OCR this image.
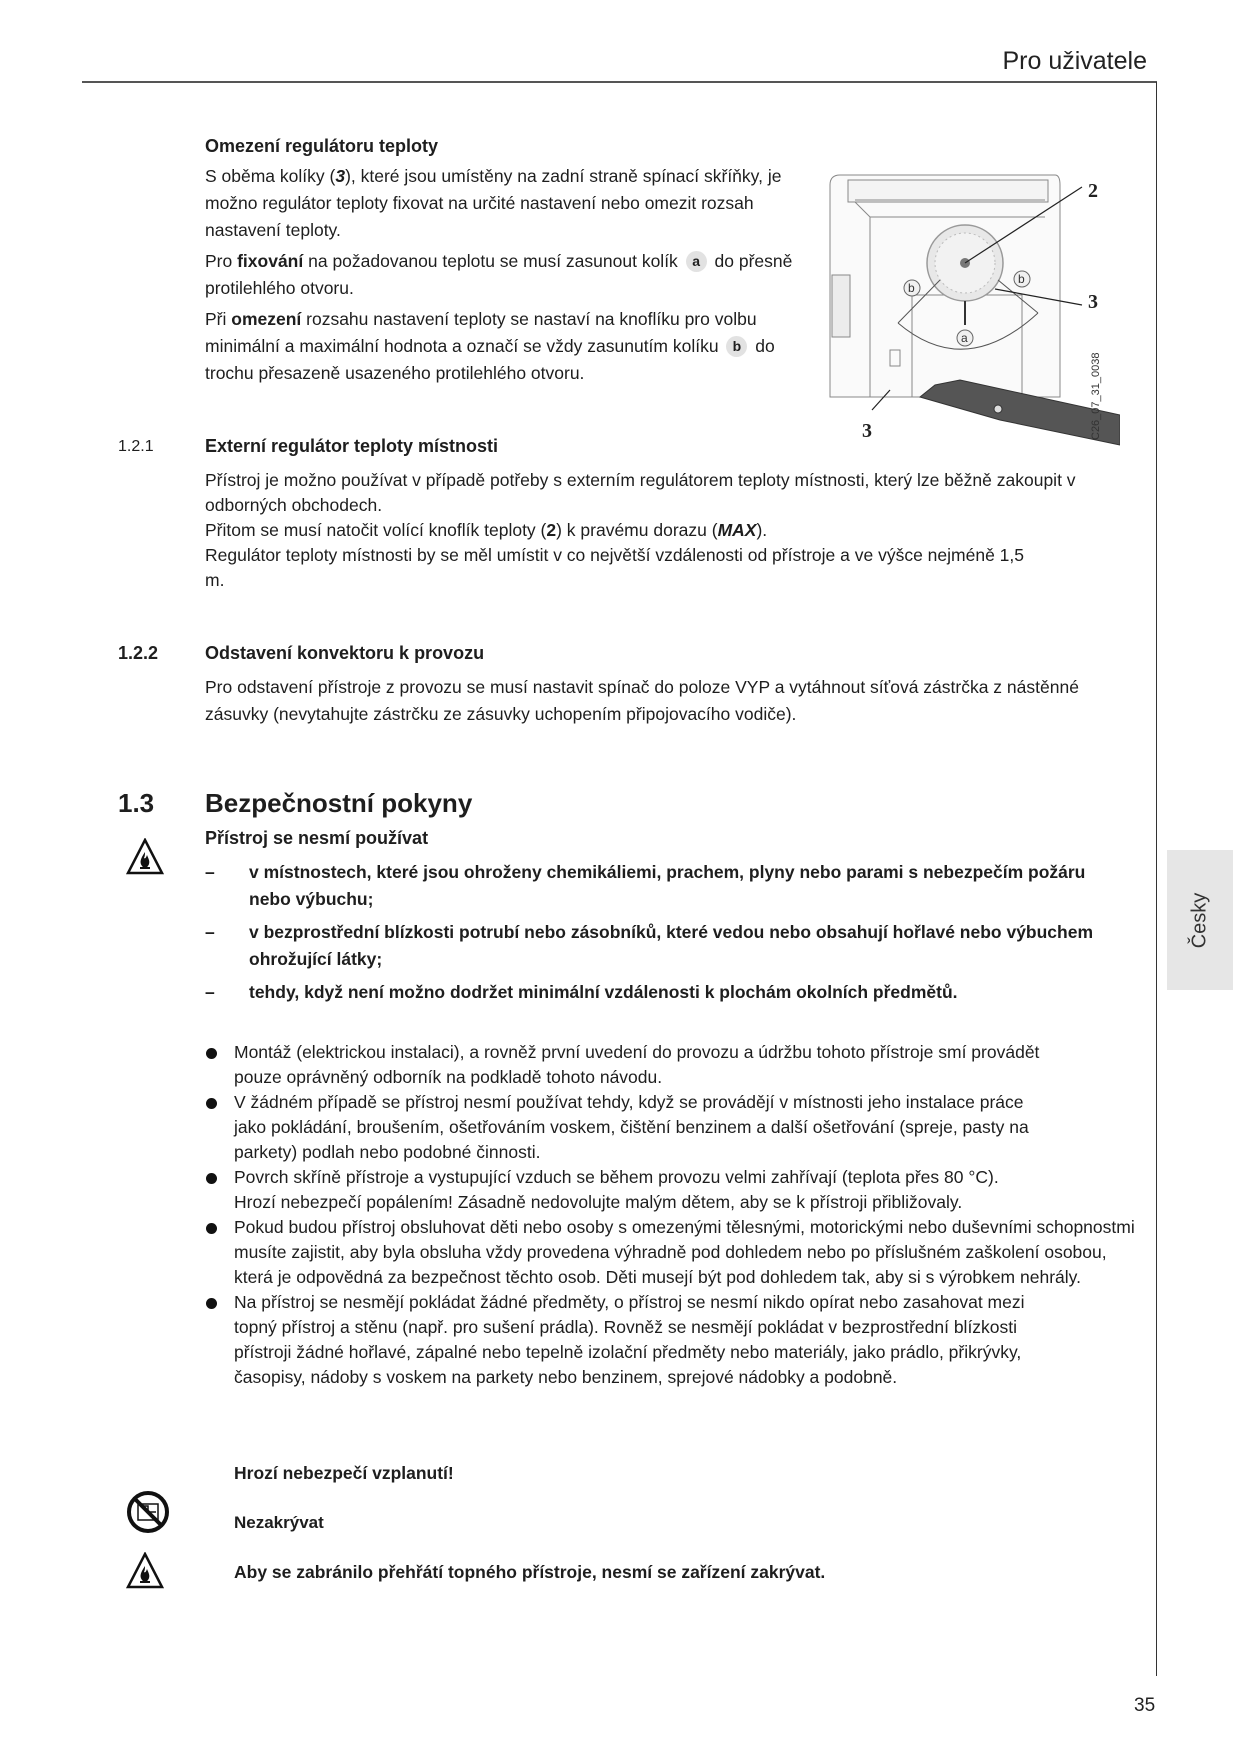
Pro uživatele
Omezení regulátoru teploty

S oběma kolíky (3), které jsou umístěny na zadní straně spínací skříňky, je možno regulátor teploty fixovat na určité nastavení nebo omezit rozsah nastavení teploty.

Pro fixování na požadovanou teplotu se musí zasunout kolík a do přesně protilehlého otvoru.

Při omezení rozsahu nastavení teploty se nastaví na knoflíku pro volbu minimální a maximální hodnota a označí se vždy zasunutím kolíku b do trochu přesazeně usazeného protilehlého otvoru.

b
b
a
2
3
3	C26_07_31_0038
1.2.1	Externí regulátor teploty místnosti

Přístroj je možno používat v případě potřeby s externím regulátorem teploty místnosti, který lze běžně zakoupit v odborných obchodech.

Přitom se musí natočit volící knoflík teploty (2) k pravému dorazu (MAX).

Regulátor teploty místnosti by se měl umístit v co největší vzdálenosti od přístroje a ve výšce nejméně 1,5 m.

1.2.2	Odstavení konvektoru k provozu

Pro odstavení přístroje z provozu se musí nastavit spínač do poloze VYP a vytáhnout síťová zástrčka z nástěnné zásuvky (nevytahujte zástrčku ze zásuvky uchopením připojovacího vodiče).

1.3 Bezpečnostní pokyny
Přístroj se nesmí používat
– v místnostech, které jsou ohroženy chemikáliemi, prachem, plyny nebo parami s nebezpečím požáru nebo výbuchu;
– v bezprostřední blízkosti potrubí nebo zásobníků, které vedou nebo obsahují hořlavé nebo výbuchem ohrožující látky;
– tehdy, když není možno dodržet minimální vzdálenosti k plochám okolních předmětů.
Montáž (elektrickou instalaci), a rovněž první uvedení do provozu a údržbu tohoto přístroje smí provádět pouze oprávněný odborník na podkladě tohoto návodu.
V žádném případě se přístroj nesmí používat tehdy, když se provádějí v místnosti jeho instalace práce jako pokládání, broušením, ošetřováním voskem, čištění benzinem a další ošetřování (spreje, pasty na parkety) podlah nebo podobné činnosti.
Povrch skříně přístroje a vystupující vzduch se během provozu velmi zahřívají (teplota přes 80 °C). Hrozí nebezpečí popálením! Zásadně nedovolujte malým dětem, aby se k přístroji přibližovaly.
Pokud budou přístroj obsluhovat děti nebo osoby s omezenými tělesnými, motorickými nebo duševními schopnostmi musíte zajistit, aby byla obsluha vždy provedena výhradně pod dohledem nebo po příslušném zaškolení osobou, která je odpovědná za bezpečnost těchto osob. Děti musejí být pod dohledem tak, aby si s výrobkem nehrály.
Na přístroj se nesmějí pokládat žádné předměty, o přístroj se nesmí nikdo opírat nebo zasahovat mezi topný přístroj a stěnu (např. pro sušení prádla). Rovněž se nesmějí pokládat v bezprostřední blízkosti přístroji žádné hořlavé, zápalné nebo tepelně izolační předměty nebo materiály, jako prádlo, přikrývky, časopisy, nádoby s voskem na parkety nebo benzinem, sprejové nádobky a podobně.
Hrozí nebezpečí vzplanutí!
Nezakrývat
Aby se zabránilo přehřátí topného přístroje, nesmí se zařízení zakrývat.
Česky
35
